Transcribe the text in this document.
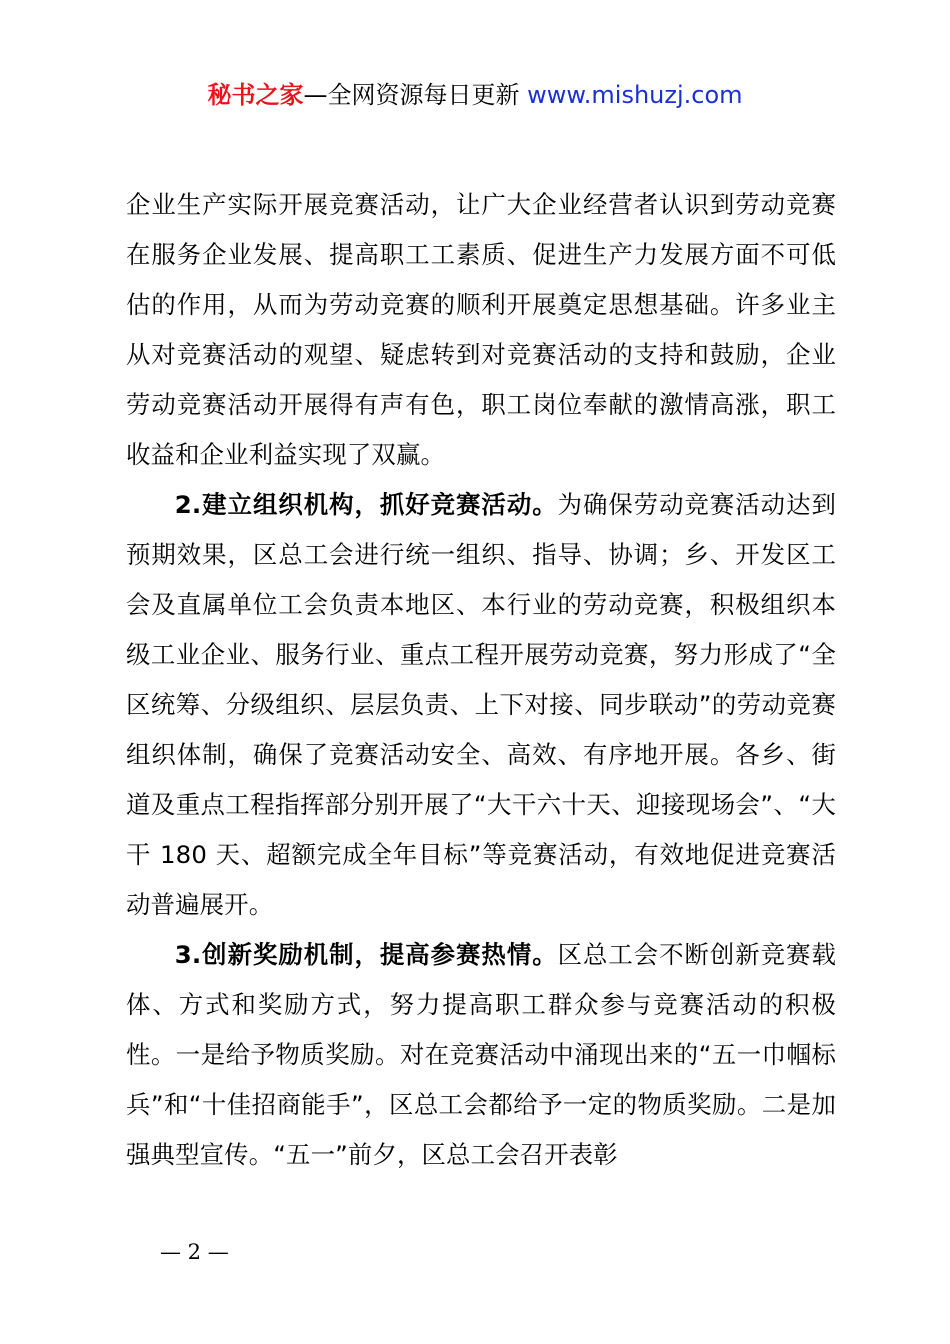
秘书之家—全网资源每日更新 www.mishuzj.com

企业生产实际开展竞赛活动，让广大企业经营者认识到劳动竞赛在服务企业发展、提高职工工素质、促进生产力发展方面不可低估的作用，从而为劳动竞赛的顺利开展奠定思想基础。许多业主从对竞赛活动的观望、疑虑转到对竞赛活动的支持和鼓励，企业劳动竞赛活动开展得有声有色，职工岗位奉献的激情高涨，职工收益和企业利益实现了双赢。

2.建立组织机构，抓好竞赛活动。为确保劳动竞赛活动达到预期效果，区总工会进行统一组织、指导、协调；乡、开发区工会及直属单位工会负责本地区、本行业的劳动竞赛，积极组织本级工业企业、服务行业、重点工程开展劳动竞赛，努力形成了“全区统筹、分级组织、层层负责、上下对接、同步联动”的劳动竞赛组织体制，确保了竞赛活动安全、高效、有序地开展。各乡、街道及重点工程指挥部分别开展了“大干六十天、迎接现场会”、“大干 180 天、超额完成全年目标”等竞赛活动，有效地促进竞赛活动普遍展开。

3.创新奖励机制，提高参赛热情。区总工会不断创新竞赛载体、方式和奖励方式，努力提高职工群众参与竞赛活动的积极性。一是给予物质奖励。对在竞赛活动中涌现出来的“五一巾帼标兵”和“十佳招商能手”，区总工会都给予一定的物质奖励。二是加强典型宣传。“五一”前夕，区总工会召开表彰

— 2 —
